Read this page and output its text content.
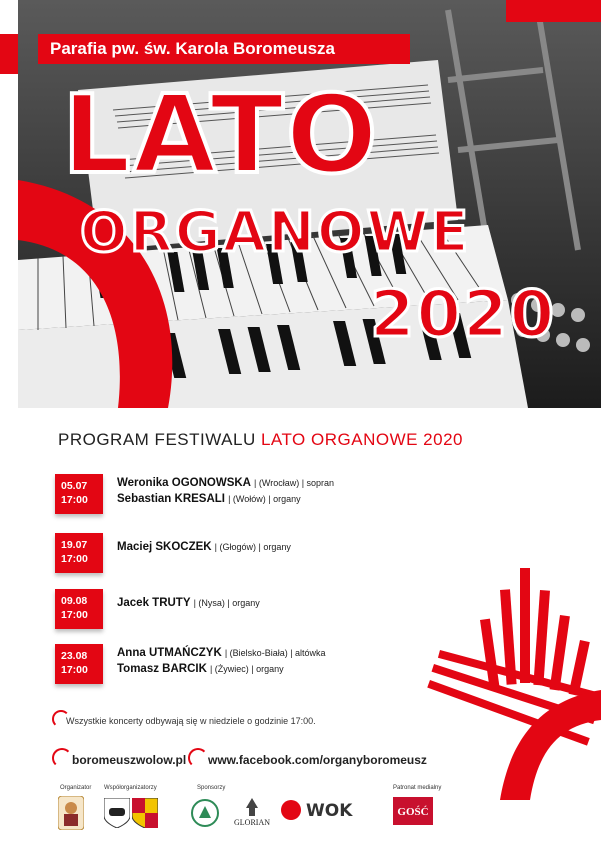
Parafia pw. św. Karola Boromeusza
LATO
ORGANOWE
2020
PROGRAM FESTIWALU LATO ORGANOWE 2020
05.07
17:00
Weronika OGONOWSKA | (Wrocław) | sopran
Sebastian KRESALI | (Wołów) | organy
19.07
17:00
Maciej SKOCZEK | (Głogów) | organy
09.08
17:00
Jacek TRUTY | (Nysa) | organy
23.08
17:00
Anna UTMAŃCZYK | (Bielsko-Biała) | altówka
Tomasz BARCIK | (Żywiec) | organy
Wszystkie koncerty odbywają się w niedziele o godzinie 17:00.
boromeuszwolow.pl www.facebook.com/organyboromeusz
Organizator Współorganizatorzy	Sponsorzy	Patronat medialny
GLORIAN
WOK	GOŚĆ
